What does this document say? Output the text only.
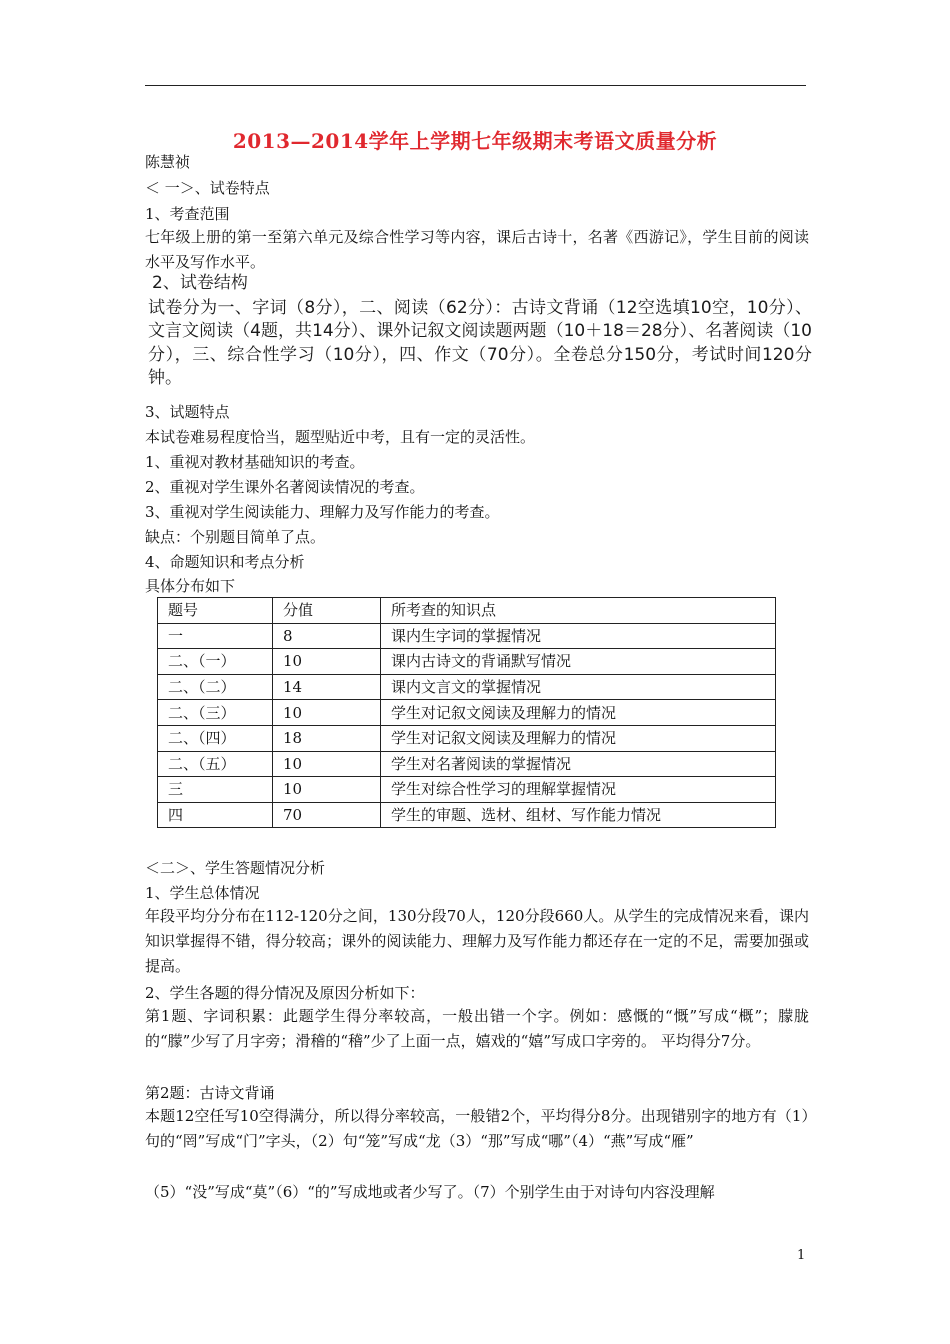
2013—2014学年上学期七年级期末考语文质量分析
陈慧祯
＜ 一＞、试卷特点
1、考查范围

七年级上册的第一至第六单元及综合性学习等内容，课后古诗十，名著《西游记》，学生目前的阅读水平及写作水平。

2、试卷结构

试卷分为一、字词（8分），二、阅读（62分）：古诗文背诵（12空选填10空，10分）、文言文阅读（4题，共14分）、课外记叙文阅读题两题（10＋18＝28分）、名著阅读（10分），三、综合性学习（10分），四、作文（70分）。全卷总分150分，考试时间120分钟。

3、试题特点
本试卷难易程度恰当，题型贴近中考，且有一定的灵活性。
1、重视对教材基础知识的考查。
2、重视对学生课外名著阅读情况的考查。
3、重视对学生阅读能力、理解力及写作能力的考查。
缺点：个别题目简单了点。
4、命题知识和考点分析
具体分布如下
题号	分值	所考查的知识点
一	8	课内生字词的掌握情况
二、（一）	10	课内古诗文的背诵默写情况
二、（二）	14	课内文言文的掌握情况
二、（三）	10	学生对记叙文阅读及理解力的情况
二、（四）	18	学生对记叙文阅读及理解力的情况
二、（五）	10	学生对名著阅读的掌握情况
三	10	学生对综合性学习的理解掌握情况
四	70	学生的审题、选材、组材、写作能力情况
＜二＞、学生答题情况分析
1、学生总体情况

年段平均分分布在112-120分之间，130分段70人，120分段660人。从学生的完成情况来看，课内知识掌握得不错，得分较高；课外的阅读能力、理解力及写作能力都还存在一定的不足，需要加强或提高。

2、学生各题的得分情况及原因分析如下：

第1题、字词积累：此题学生得分率较高，一般出错一个字。例如：感慨的“慨”写成“概”；朦胧的“朦”少写了月字旁；滑稽的“稽”少了上面一点，嬉戏的“嬉”写成口字旁的。 平均得分7分。

第2题：古诗文背诵

本题12空任写10空得满分，所以得分率较高，一般错2个，平均得分8分。出现错别字的地方有（1）句的“罔”写成“门”字头，（2）句“笼”写成“龙（3）“那”写成“哪”（4）“燕”写成“雁”

（5）“没”写成“莫”（6）“的”写成地或者少写了。（7）个别学生由于对诗句内容没理解
1
